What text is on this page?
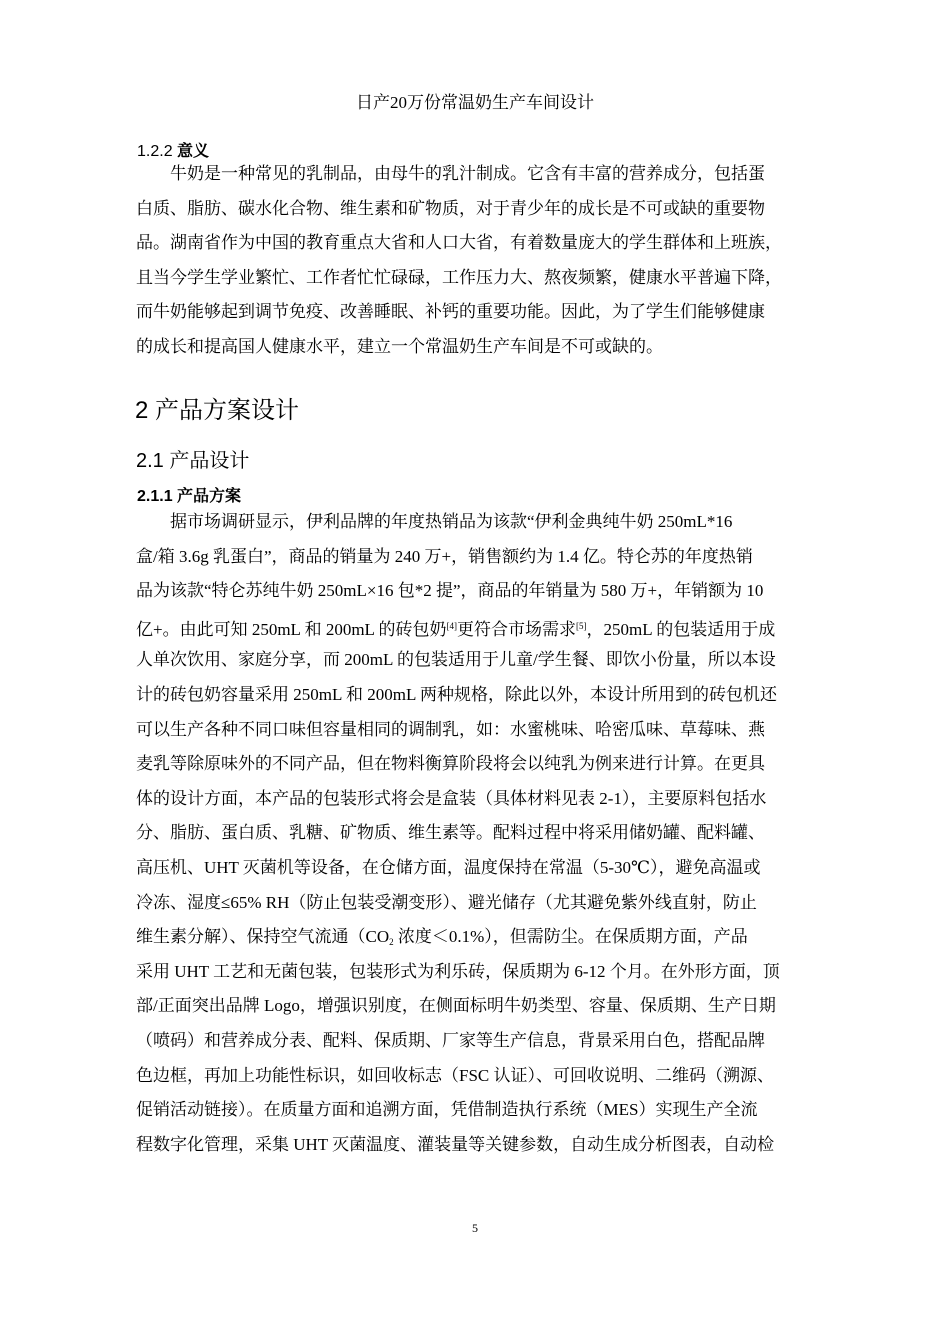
日产20万份常温奶生产车间设计
1.2.2 意义
　　牛奶是一种常见的乳制品，由母牛的乳汁制成。它含有丰富的营养成分，包括蛋
白质、脂肪、碳水化合物、维生素和矿物质，对于青少年的成长是不可或缺的重要物
品。湖南省作为中国的教育重点大省和人口大省，有着数量庞大的学生群体和上班族，
且当今学生学业繁忙、工作者忙忙碌碌，工作压力大、熬夜频繁，健康水平普遍下降，
而牛奶能够起到调节免疫、改善睡眠、补钙的重要功能。因此，为了学生们能够健康
的成长和提高国人健康水平，建立一个常温奶生产车间是不可或缺的。
2 产品方案设计
2.1 产品设计
2.1.1 产品方案
　　据市场调研显示，伊利品牌的年度热销品为该款“伊利金典纯牛奶 250mL*16
盒/箱 3.6g 乳蛋白”，商品的销量为 240 万+，销售额约为 1.4 亿。特仑苏的年度热销
品为该款“特仑苏纯牛奶 250mL×16 包*2 提”，商品的年销量为 580 万+，年销额为 10
亿+。由此可知 250mL 和 200mL 的砖包奶[4]更符合市场需求[5]，250mL 的包装适用于成
人单次饮用、家庭分享，而 200mL 的包装适用于儿童/学生餐、即饮小份量，所以本设
计的砖包奶容量采用 250mL 和 200mL 两种规格，除此以外，本设计所用到的砖包机还
可以生产各种不同口味但容量相同的调制乳，如：水蜜桃味、哈密瓜味、草莓味、燕
麦乳等除原味外的不同产品，但在物料衡算阶段将会以纯乳为例来进行计算。在更具
体的设计方面，本产品的包装形式将会是盒装（具体材料见表 2-1），主要原料包括水
分、脂肪、蛋白质、乳糖、矿物质、维生素等。配料过程中将采用储奶罐、配料罐、
高压机、UHT 灭菌机等设备，在仓储方面，温度保持在常温（5-30℃），避免高温或
冷冻、湿度≤65% RH（防止包装受潮变形）、避光储存（尤其避免紫外线直射，防止
维生素分解）、保持空气流通（$CO_2$ 浓度＜0.1%），但需防尘。在保质期方面，产品
采用 UHT 工艺和无菌包装，包装形式为利乐砖，保质期为 6-12 个月。在外形方面，顶
部/正面突出品牌 Logo，增强识别度，在侧面标明牛奶类型、容量、保质期、生产日期
（喷码）和营养成分表、配料、保质期、厂家等生产信息，背景采用白色，搭配品牌
色边框，再加上功能性标识，如回收标志（FSC 认证）、可回收说明、二维码（溯源、
促销活动链接）。在质量方面和追溯方面，凭借制造执行系统（MES）实现生产全流
程数字化管理，采集 UHT 灭菌温度、灌装量等关键参数，自动生成分析图表，自动检
5
